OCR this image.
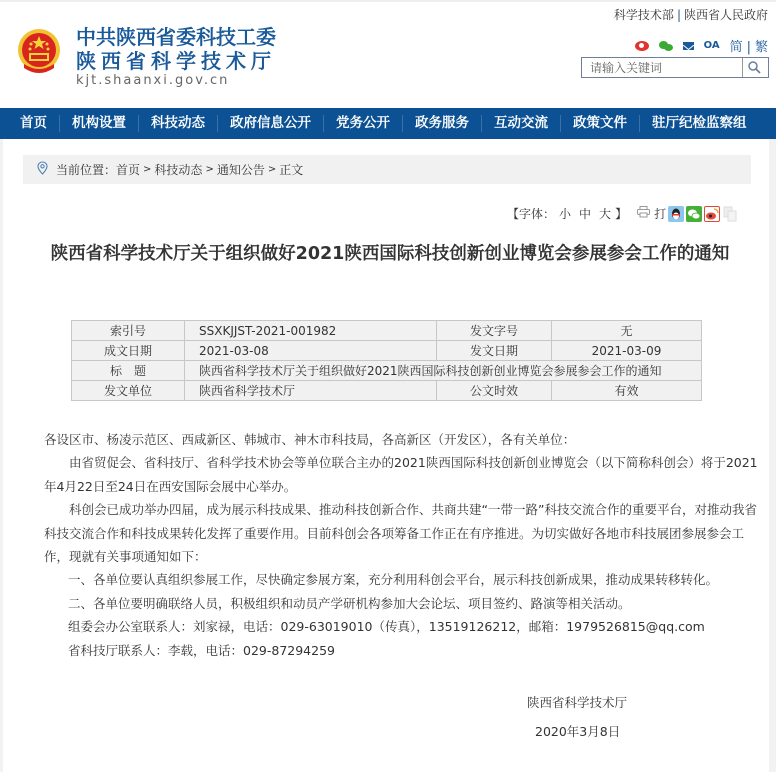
中共陕西省委科技工委
陕西省科学技术厅
kjt.shaanxi.gov.cn
科学技术部 | 陕西省人民政府
OA 简 | 繁
请输入关键词
首页	机构设置	科技动态	政府信息公开	党务公开	政务服务	互动交流	政策文件	驻厅纪检监察组
当前位置： 首页 > 科技动态 > 通知公告 > 正文
【字体： 小 中 大 】 打
陕西省科学技术厅关于组织做好2021陕西国际科技创新创业博览会参展参会工作的通知
索引号	SSXKJJST-2021-001982	发文字号	无
成文日期	2021-03-08	发文日期	2021-03-09
标　题	陕西省科学技术厅关于组织做好2021陕西国际科技创新创业博览会参展参会工作的通知		
发文单位	陕西省科学技术厅	公文时效	有效

各设区市、杨凌示范区、西咸新区、韩城市、神木市科技局，各高新区（开发区），各有关单位：

由省贸促会、省科技厅、省科学技术协会等单位联合主办的2021陕西国际科技创新创业博览会（以下简称科创会）将于2021年4月22日至24日在西安国际会展中心举办。

科创会已成功举办四届，成为展示科技成果、推动科技创新合作、共商共建“一带一路”科技交流合作的重要平台，对推动我省科技交流合作和科技成果转化发挥了重要作用。目前科创会各项筹备工作正在有序推进。为切实做好各地市科技展团参展参会工作，现就有关事项通知如下：

一、各单位要认真组织参展工作，尽快确定参展方案，充分利用科创会平台，展示科技创新成果，推动成果转移转化。

二、各单位要明确联络人员，积极组织和动员产学研机构参加大会论坛、项目签约、路演等相关活动。

组委会办公室联系人：刘家禄，电话：029-63019010（传真），13519126212，邮箱：1979526815@qq.com

省科技厅联系人：李载，电话：029-87294259

陕西省科学技术厅
2020年3月8日
